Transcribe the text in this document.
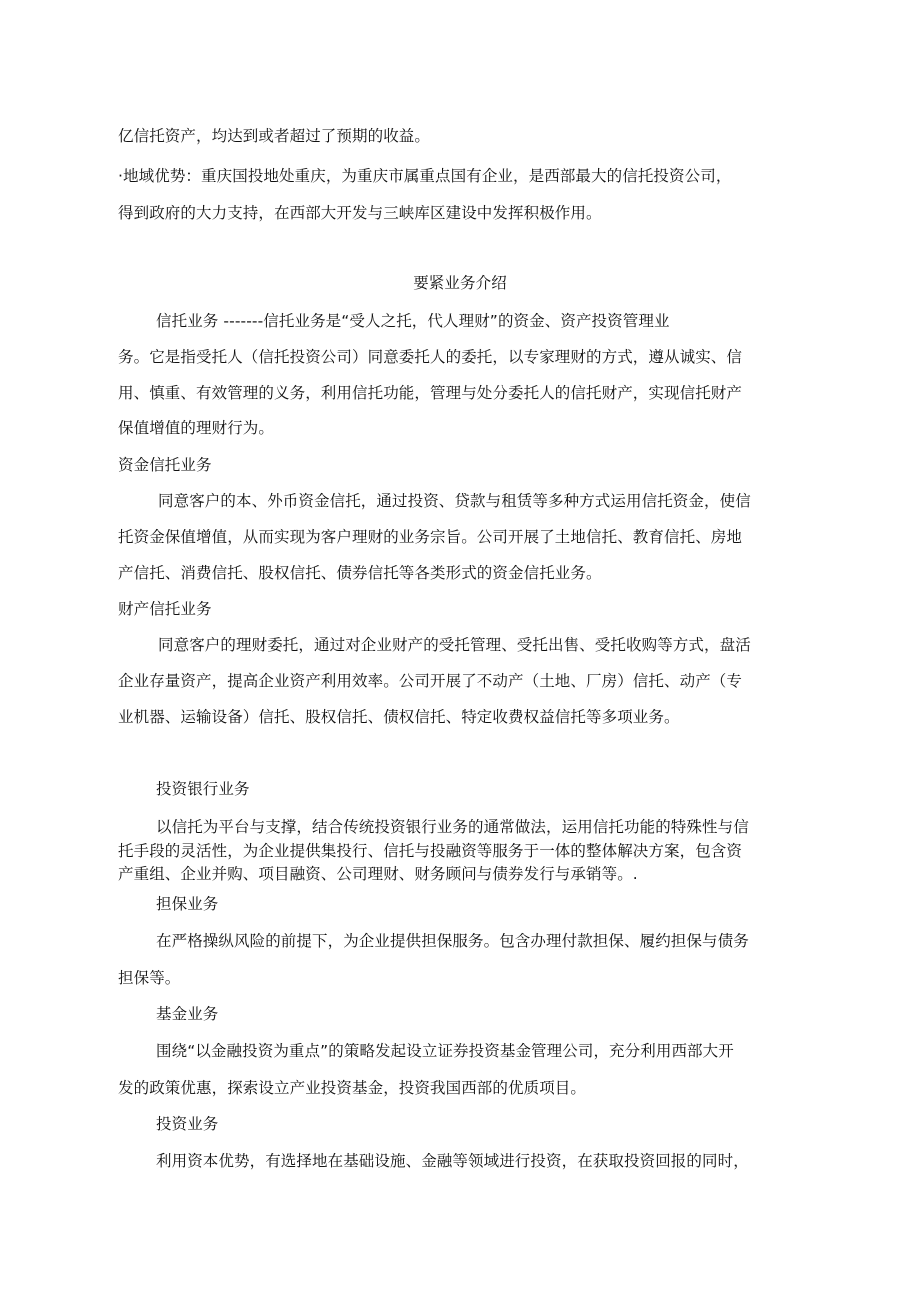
亿信托资产，均达到或者超过了预期的收益。

·地域优势：重庆国投地处重庆，为重庆市属重点国有企业，是西部最大的信托投资公司，

得到政府的大力支持，在西部大开发与三峡库区建设中发挥积极作用。

要紧业务介绍

信托业务 -------信托业务是“受人之托，代人理财”的资金、资产投资管理业

务。它是指受托人（信托投资公司）同意委托人的委托，以专家理财的方式，遵从诚实、信

用、慎重、有效管理的义务，利用信托功能，管理与处分委托人的信托财产，实现信托财产

保值增值的理财行为。

资金信托业务

同意客户的本、外币资金信托，通过投资、贷款与租赁等多种方式运用信托资金，使信

托资金保值增值，从而实现为客户理财的业务宗旨。公司开展了土地信托、教育信托、房地

产信托、消费信托、股权信托、债券信托等各类形式的资金信托业务。

财产信托业务

同意客户的理财委托，通过对企业财产的受托管理、受托出售、受托收购等方式，盘活

企业存量资产，提高企业资产利用效率。公司开展了不动产（土地、厂房）信托、动产（专

业机器、运输设备）信托、股权信托、债权信托、特定收费权益信托等多项业务。

投资银行业务

以信托为平台与支撑，结合传统投资银行业务的通常做法，运用信托功能的特殊性与信

托手段的灵活性，为企业提供集投行、信托与投融资等服务于一体的整体解决方案，包含资

产重组、企业并购、项目融资、公司理财、财务顾问与债券发行与承销等。.

担保业务

在严格操纵风险的前提下，为企业提供担保服务。包含办理付款担保、履约担保与债务

担保等。

基金业务

围绕“以金融投资为重点”的策略发起设立证券投资基金管理公司，充分利用西部大开

发的政策优惠，探索设立产业投资基金，投资我国西部的优质项目。

投资业务

利用资本优势，有选择地在基础设施、金融等领域进行投资，在获取投资回报的同时，
